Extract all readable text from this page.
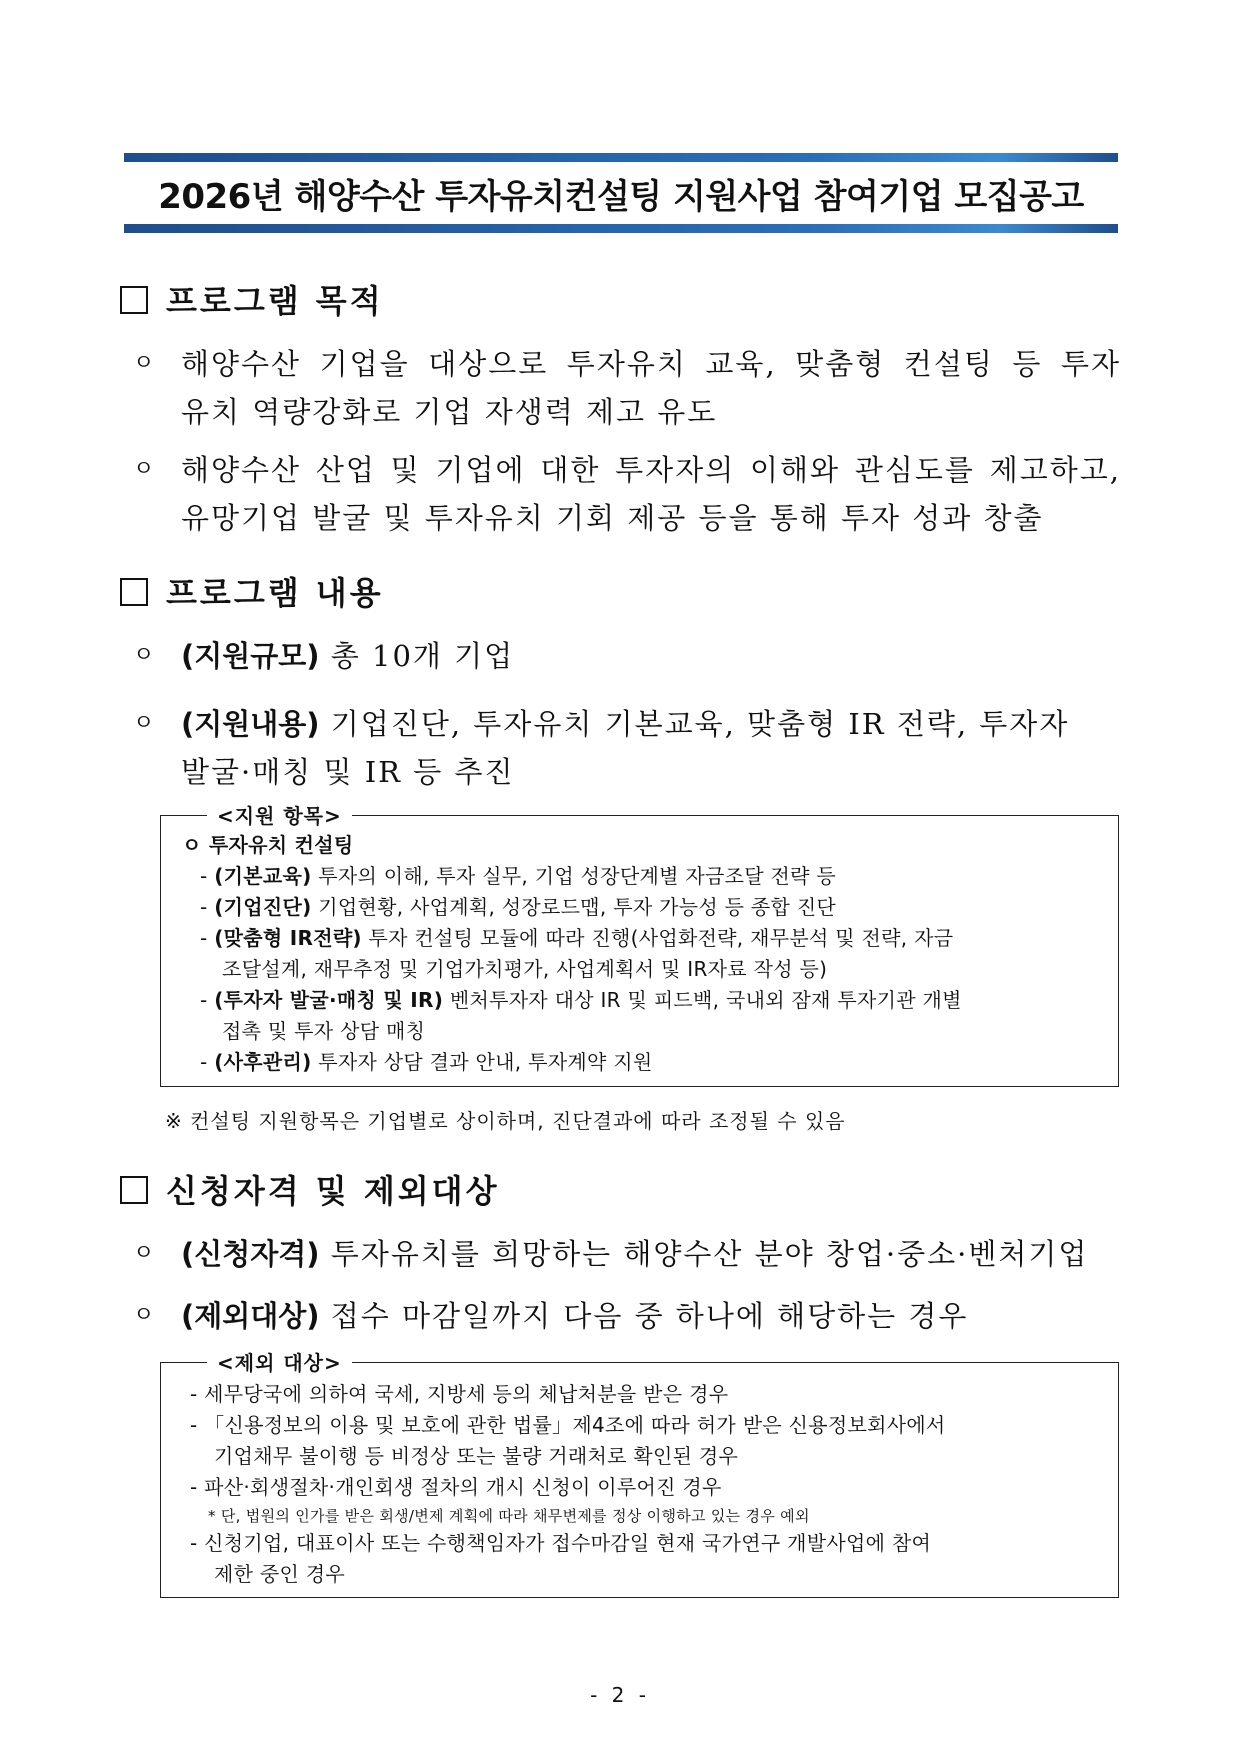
2026년 해양수산 투자유치컨설팅 지원사업 참여기업 모집공고
프로그램 목적
ㅇ 해양수산 기업을 대상으로 투자유치 교육, 맞춤형 컨설팅 등 투자
유치 역량강화로 기업 자생력 제고 유도
ㅇ 해양수산 산업 및 기업에 대한 투자자의 이해와 관심도를 제고하고,
유망기업 발굴 및 투자유치 기회 제공 등을 통해 투자 성과 창출
프로그램 내용
ㅇ (지원규모) 총 10개 기업
ㅇ (지원내용) 기업진단, 투자유치 기본교육, 맞춤형 IR 전략, 투자자
발굴·매칭 및 IR 등 추진
<지원 항목>
ㅇ 투자유치 컨설팅
- (기본교육) 투자의 이해, 투자 실무, 기업 성장단계별 자금조달 전략 등
- (기업진단) 기업현황, 사업계획, 성장로드맵, 투자 가능성 등 종합 진단
- (맞춤형 IR전략) 투자 컨설팅 모듈에 따라 진행(사업화전략, 재무분석 및 전략, 자금
조달설계, 재무추정 및 기업가치평가, 사업계획서 및 IR자료 작성 등)
- (투자자 발굴·매칭 및 IR) 벤처투자자 대상 IR 및 피드백, 국내외 잠재 투자기관 개별
접촉 및 투자 상담 매칭
- (사후관리) 투자자 상담 결과 안내, 투자계약 지원
※ 컨설팅 지원항목은 기업별로 상이하며, 진단결과에 따라 조정될 수 있음
신청자격 및 제외대상
ㅇ (신청자격) 투자유치를 희망하는 해양수산 분야 창업·중소·벤처기업
ㅇ (제외대상) 접수 마감일까지 다음 중 하나에 해당하는 경우
<제외 대상>
- 세무당국에 의하여 국세, 지방세 등의 체납처분을 받은 경우
- 「신용정보의 이용 및 보호에 관한 법률」제4조에 따라 허가 받은 신용정보회사에서
기업채무 불이행 등 비정상 또는 불량 거래처로 확인된 경우
- 파산·회생절차·개인회생 절차의 개시 신청이 이루어진 경우
* 단, 법원의 인가를 받은 회생/변제 계획에 따라 채무변제를 정상 이행하고 있는 경우 예외
- 신청기업, 대표이사 또는 수행책임자가 접수마감일 현재 국가연구 개발사업에 참여
제한 중인 경우
- 2 -
